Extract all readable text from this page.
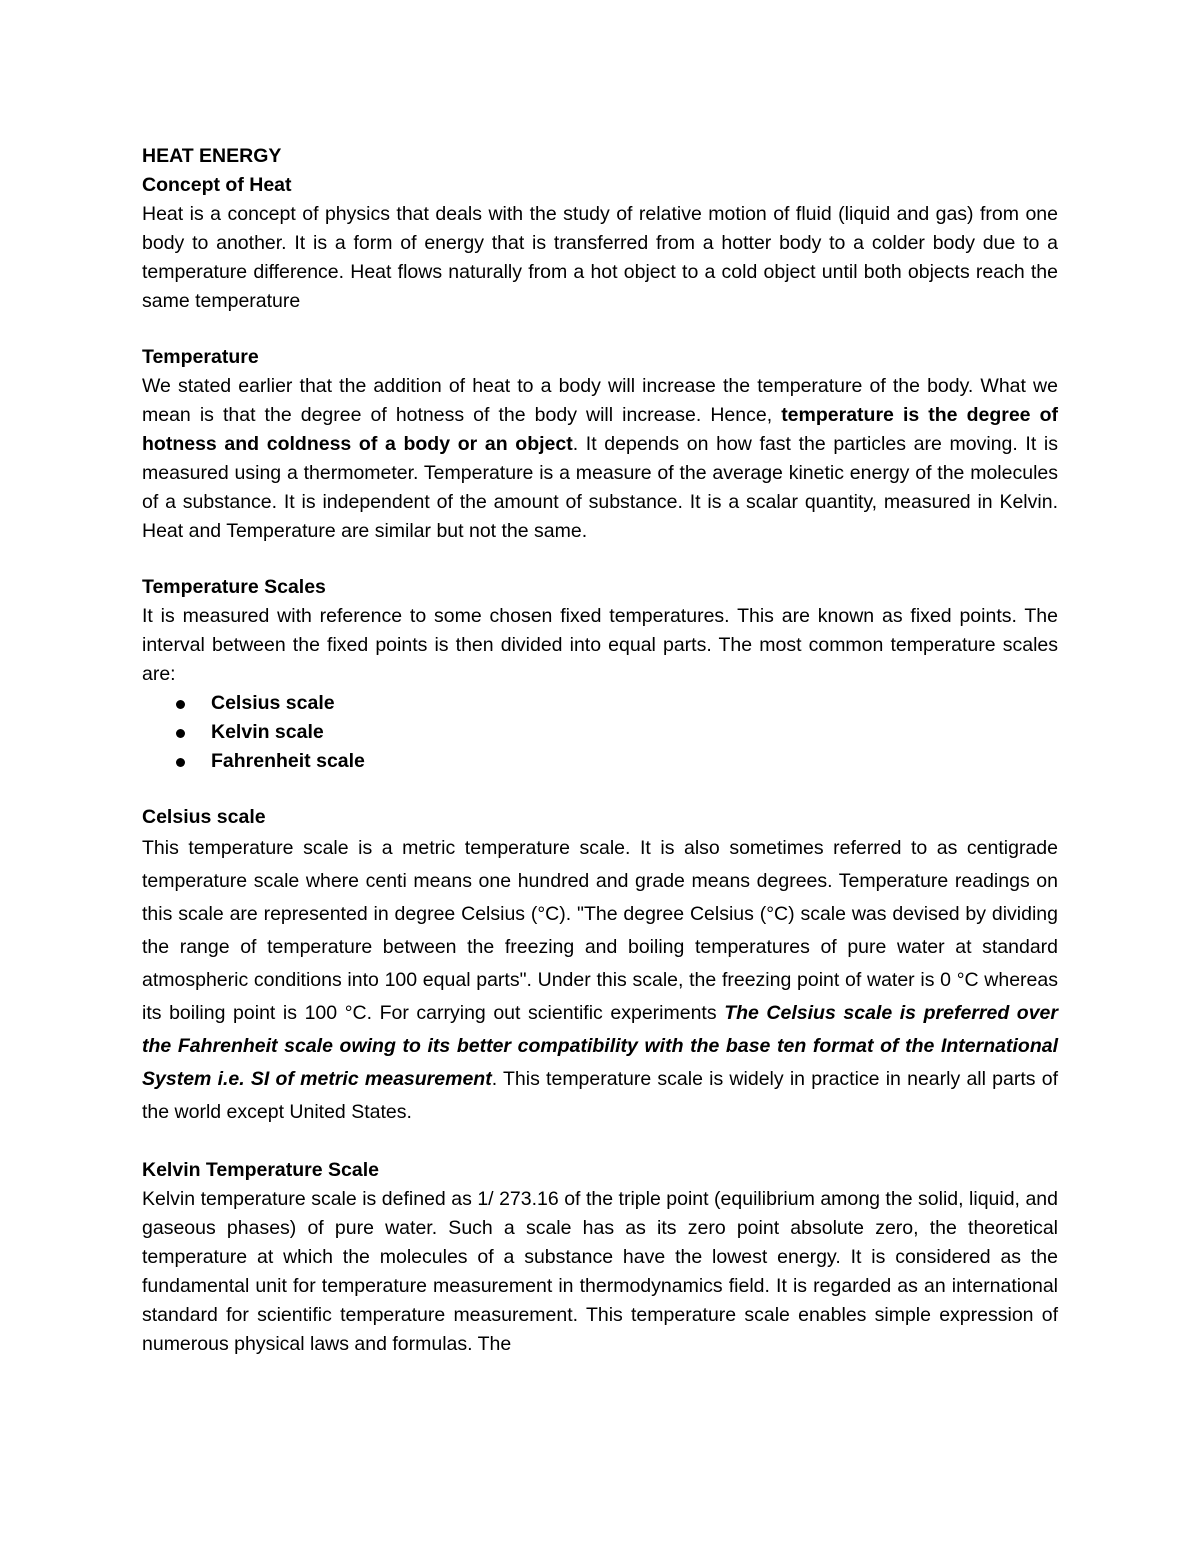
HEAT ENERGY
Concept of Heat

Heat is a concept of physics that deals with the study of relative motion of fluid (liquid and gas) from one body to another. It is a form of energy that is transferred from a hotter body to a colder body due to a temperature difference. Heat flows naturally from a hot object to a cold object until both objects reach the same temperature

Temperature

We stated earlier that the addition of heat to a body will increase the temperature of the body. What we mean is that the degree of hotness of the body will increase. Hence, temperature is the degree of hotness and coldness of a body or an object. It depends on how fast the particles are moving. It is measured using a thermometer. Temperature is a measure of the average kinetic energy of the molecules of a substance. It is independent of the amount of substance. It is a scalar quantity, measured in Kelvin. Heat and Temperature are similar but not the same.

Temperature Scales

It is measured with reference to some chosen fixed temperatures. This are known as fixed points. The interval between the fixed points is then divided into equal parts. The most common temperature scales are:

Celsius scale
Kelvin scale
Fahrenheit scale
Celsius scale

This temperature scale is a metric temperature scale. It is also sometimes referred to as centigrade temperature scale where centi means one hundred and grade means degrees. Temperature readings on this scale are represented in degree Celsius (°C). "The degree Celsius (°C) scale was devised by dividing the range of temperature between the freezing and boiling temperatures of pure water at standard atmospheric conditions into 100 equal parts". Under this scale, the freezing point of water is 0 °C whereas its boiling point is 100 °C. For carrying out scientific experiments The Celsius scale is preferred over the Fahrenheit scale owing to its better compatibility with the base ten format of the International System i.e. SI of metric measurement. This temperature scale is widely in practice in nearly all parts of the world except United States.

Kelvin Temperature Scale

Kelvin temperature scale is defined as 1/ 273.16 of the triple point (equilibrium among the solid, liquid, and gaseous phases) of pure water. Such a scale has as its zero point absolute zero, the theoretical temperature at which the molecules of a substance have the lowest energy. It is considered as the fundamental unit for temperature measurement in thermodynamics field. It is regarded as an international standard for scientific temperature measurement. This temperature scale enables simple expression of numerous physical laws and formulas. The
